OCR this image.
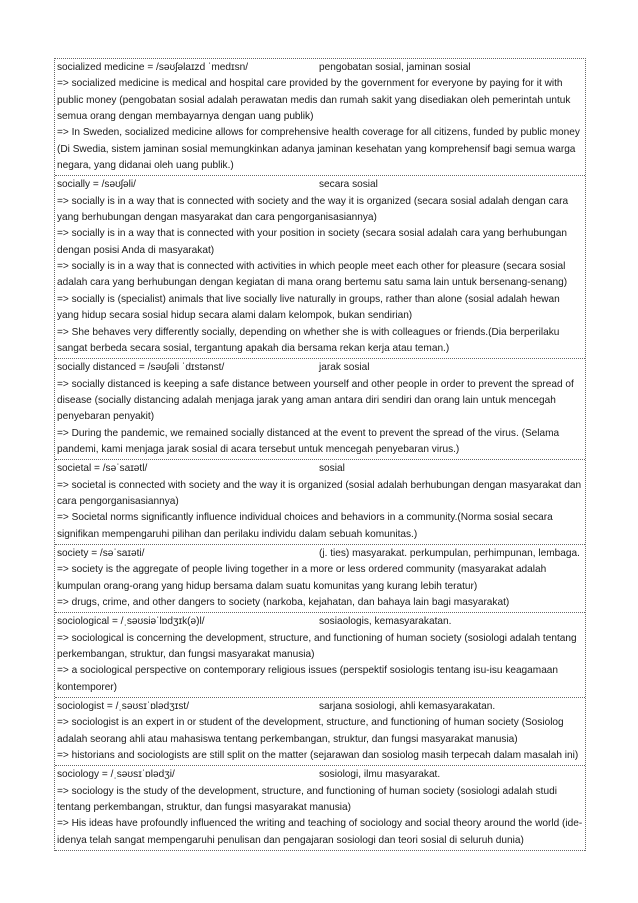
socialized medicine = /səʊʃəlaɪzd ˈmedɪsn/	pengobatan sosial, jaminan sosial

=> socialized medicine is medical and hospital care provided by the government for everyone by paying for it with public money (pengobatan sosial adalah perawatan medis dan rumah sakit yang disediakan oleh pemerintah untuk semua orang dengan membayarnya dengan uang publik)

=> In Sweden, socialized medicine allows for comprehensive health coverage for all citizens, funded by public money (Di Swedia, sistem jaminan sosial memungkinkan adanya jaminan kesehatan yang komprehensif bagi semua warga negara, yang didanai oleh uang publik.)

socially = /səʊʃəli/	secara sosial

=> socially is in a way that is connected with society and the way it is organized (secara sosial adalah dengan cara yang berhubungan dengan masyarakat dan cara pengorganisasiannya)

=> socially is in a way that is connected with your position in society (secara sosial adalah cara yang berhubungan dengan posisi Anda di masyarakat)

=> socially is in a way that is connected with activities in which people meet each other for pleasure (secara sosial adalah cara yang berhubungan dengan kegiatan di mana orang bertemu satu sama lain untuk bersenang-senang)

=> socially is (specialist) animals that live socially live naturally in groups, rather than alone (sosial adalah hewan yang hidup secara sosial hidup secara alami dalam kelompok, bukan sendirian)

=> She behaves very differently socially, depending on whether she is with colleagues or friends.(Dia berperilaku sangat berbeda secara sosial, tergantung apakah dia bersama rekan kerja atau teman.)

socially distanced = /səʊʃəli ˈdɪstənst/	jarak sosial

=> socially distanced is keeping a safe distance between yourself and other people in order to prevent the spread of disease (socially distancing adalah menjaga jarak yang aman antara diri sendiri dan orang lain untuk mencegah penyebaran penyakit)

=> During the pandemic, we remained socially distanced at the event to prevent the spread of the virus. (Selama pandemi, kami menjaga jarak sosial di acara tersebut untuk mencegah penyebaran virus.)

societal = /səˈsaɪətl/	sosial

=> societal is connected with society and the way it is organized (sosial adalah berhubungan dengan masyarakat dan cara pengorganisasiannya)

=> Societal norms significantly influence individual choices and behaviors in a community.(Norma sosial secara signifikan mempengaruhi pilihan dan perilaku individu dalam sebuah komunitas.)

society = /səˈsaɪəti/	(j. ties) masyarakat. perkumpulan, perhimpunan, lembaga.

=> society is the aggregate of people living together in a more or less ordered community (masyarakat adalah kumpulan orang-orang yang hidup bersama dalam suatu komunitas yang kurang lebih teratur)

=> drugs, crime, and other dangers to society (narkoba, kejahatan, dan bahaya lain bagi masyarakat)

sociological = /ˌsəʊsiəˈlɒdʒɪk(ə)l/	sosiaologis, kemasyarakatan.

=> sociological is concerning the development, structure, and functioning of human society (sosiologi adalah tentang perkembangan, struktur, dan fungsi masyarakat manusia)

=> a sociological perspective on contemporary religious issues (perspektif sosiologis tentang isu-isu keagamaan kontemporer)

sociologist = /ˌsəʊsɪˈɒlədʒɪst/	sarjana sosiologi, ahli kemasyarakatan.

=> sociologist is an expert in or student of the development, structure, and functioning of human society (Sosiolog adalah seorang ahli atau mahasiswa tentang perkembangan, struktur, dan fungsi masyarakat manusia)

=> historians and sociologists are still split on the matter (sejarawan dan sosiolog masih terpecah dalam masalah ini)

sociology = /ˌsəʊsɪˈɒlədʒi/	sosiologi, ilmu masyarakat.

=> sociology is the study of the development, structure, and functioning of human society (sosiologi adalah studi tentang perkembangan, struktur, dan fungsi masyarakat manusia)

=> His ideas have profoundly influenced the writing and teaching of sociology and social theory around the world (ide-idenya telah sangat mempengaruhi penulisan dan pengajaran sosiologi dan teori sosial di seluruh dunia)
